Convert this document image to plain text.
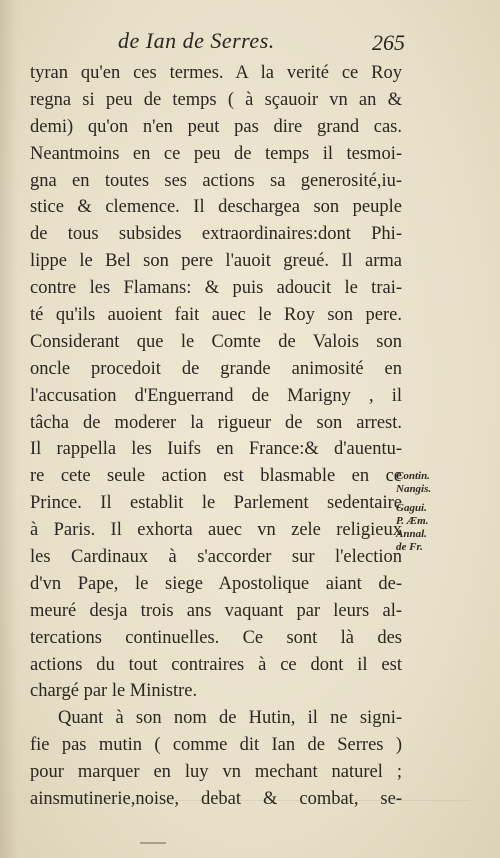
de Ian de Serres.	265
tyran qu'en ces termes. A la verité ce Roy
regna si peu de temps ( à sçauoir vn an &
demi) qu'on n'en peut pas dire grand cas.
Neantmoins en ce peu de temps il tesmoi-
gna en toutes ses actions sa generosité,iu-
stice & clemence. Il deschargea son peuple
de tous subsides extraordinaires:dont Phi-
lippe le Bel son pere l'auoit greué. Il arma
contre les Flamans: & puis adoucit le trai-
té qu'ils auoient fait auec le Roy son pere.
Considerant que le Comte de Valois son
oncle procedoit de grande animosité en
l'accusation d'Enguerrand de Marigny , il
tâcha de moderer la rigueur de son arrest.
Il rappella les Iuifs en France:& d'auentu-
re cete seule action est blasmable en ce
Prince. Il establit le Parlement sedentaire
à Paris. Il exhorta auec vn zele religieux
les Cardinaux à s'accorder sur l'election
d'vn Pape, le siege Apostolique aiant de-
meuré desja trois ans vaquant par leurs al-
tercations continuelles. Ce sont là des
actions du tout contraires à ce dont il est
chargé par le Ministre.
Quant à son nom de Hutin, il ne signi-
fie pas mutin ( comme dit Ian de Serres )
pour marquer en luy vn mechant naturel ;
ainsmutinerie,noise, debat & combat, se-
Contin.
Nangis.
Gagui.
P. Æm.
Annal.
de Fr.
